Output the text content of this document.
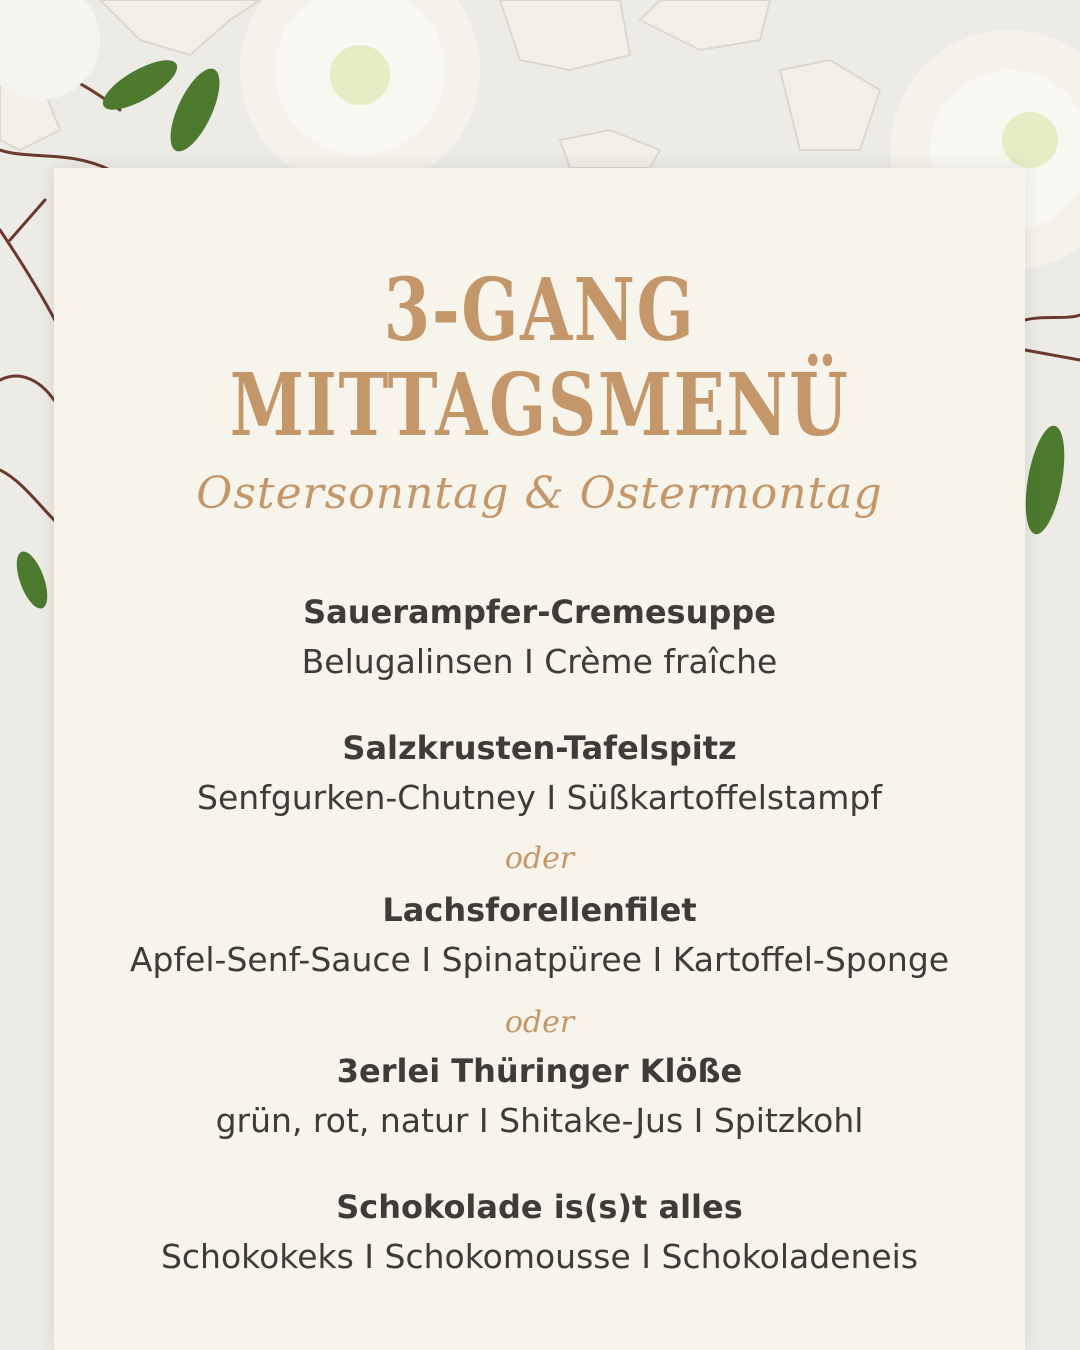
3-GANG
MITTAGSMENÜ
Ostersonntag & Ostermontag
Sauerampfer-Cremesuppe
Belugalinsen I Crème fraîche
Salzkrusten-Tafelspitz
Senfgurken-Chutney I Süßkartoffelstampf
oder
Lachsforellenfilet
Apfel-Senf-Sauce I Spinatpüree I Kartoffel-Sponge
oder
3erlei Thüringer Klöße
grün, rot, natur I Shitake-Jus I Spitzkohl
Schokolade is(s)t alles
Schokokeks I Schokomousse I Schokoladeneis
